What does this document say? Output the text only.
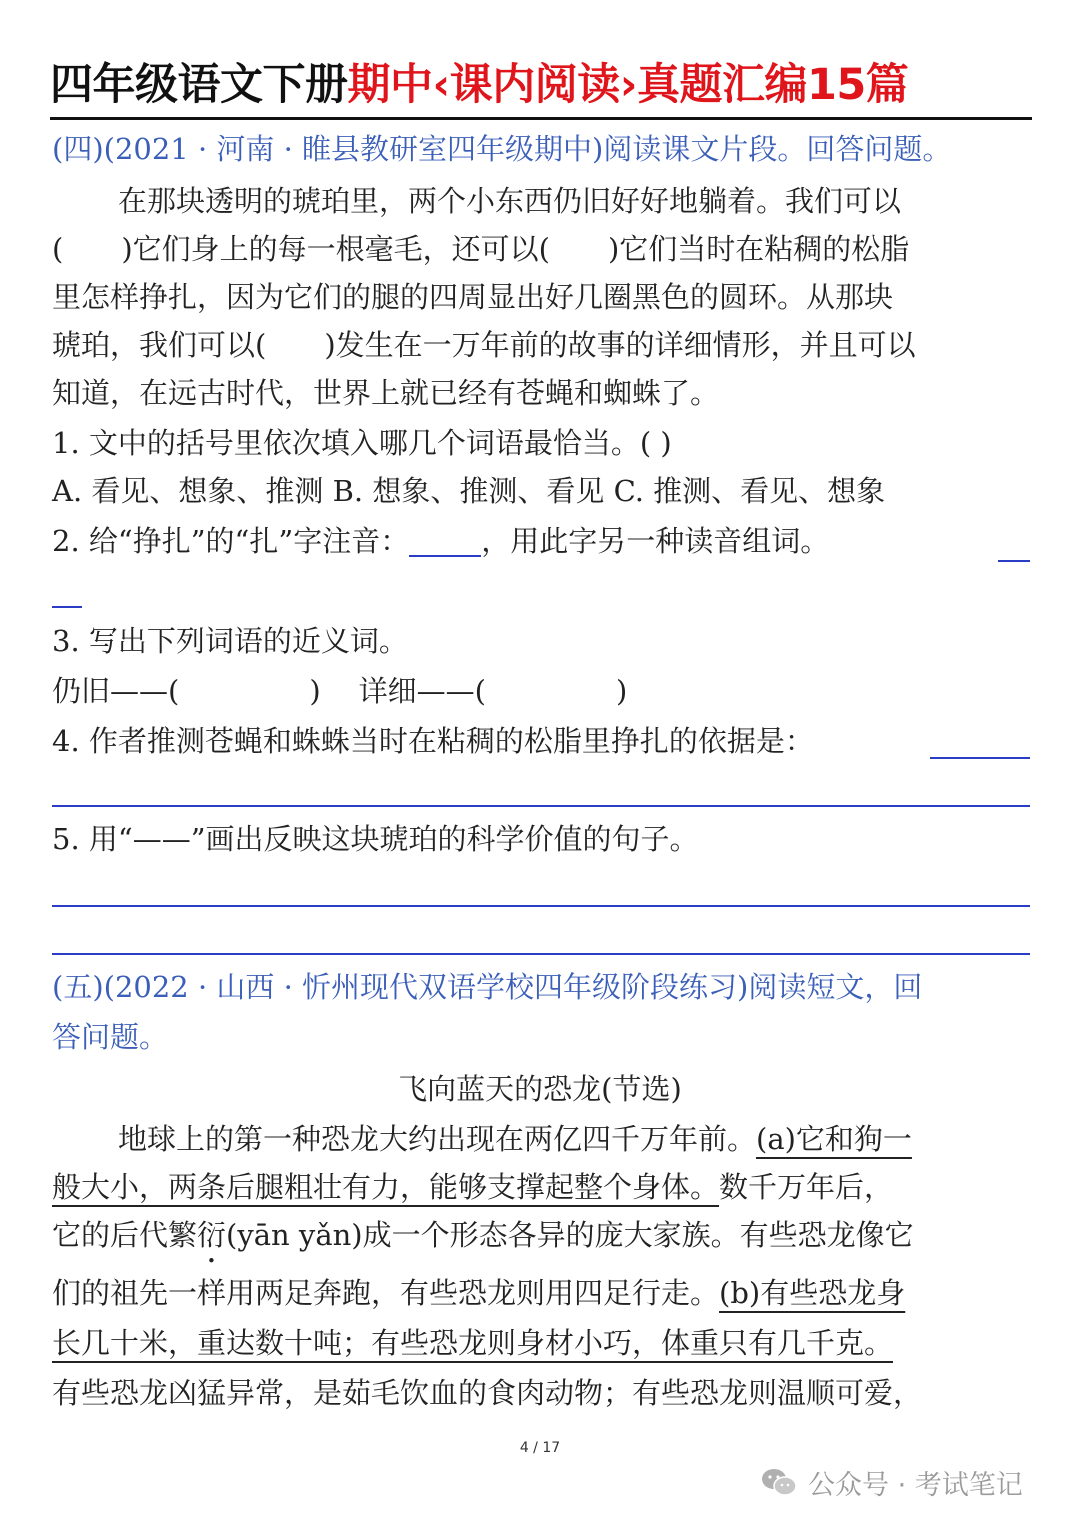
四年级语文下册期中‹课内阅读›真题汇编15篇
(四)(2021 · 河南 · 睢县教研室四年级期中)阅读课文片段。回答问题。
在那块透明的琥珀里，两个小东西仍旧好好地躺着。我们可以
( )它们身上的每一根毫毛，还可以( )它们当时在粘稠的松脂
里怎样挣扎，因为它们的腿的四周显出好几圈黑色的圆环。从那块
琥珀，我们可以( )发生在一万年前的故事的详细情形，并且可以
知道，在远古时代，世界上就已经有苍蝇和蜘蛛了。
1. 文中的括号里依次填入哪几个词语最恰当。( )
A. 看见、想象、推测 B. 想象、推测、看见 C. 推测、看见、想象
2. 给“挣扎”的“扎”字注音： ，用此字另一种读音组词。
3. 写出下列词语的近义词。
仍旧——(	) 详细——(	)
4. 作者推测苍蝇和蛛蛛当时在粘稠的松脂里挣扎的依据是：
5. 用“——”画出反映这块琥珀的科学价值的句子。
(五)(2022 · 山西 · 忻州现代双语学校四年级阶段练习)阅读短文，回
答问题。
飞向蓝天的恐龙(节选)
地球上的第一种恐龙大约出现在两亿四千万年前。(a)它和狗一
般大小，两条后腿粗壮有力，能够支撑起整个身体。数千万年后，
它的后代繁衍(yān yǎn)成一个形态各异的庞大家族。有些恐龙像它
们的祖先一样用两足奔跑，有些恐龙则用四足行走。(b)有些恐龙身
长几十米，重达数十吨；有些恐龙则身材小巧，体重只有几千克。
有些恐龙凶猛异常，是茹毛饮血的食肉动物；有些恐龙则温顺可爱，
4 / 17
公众号 · 考试笔记
